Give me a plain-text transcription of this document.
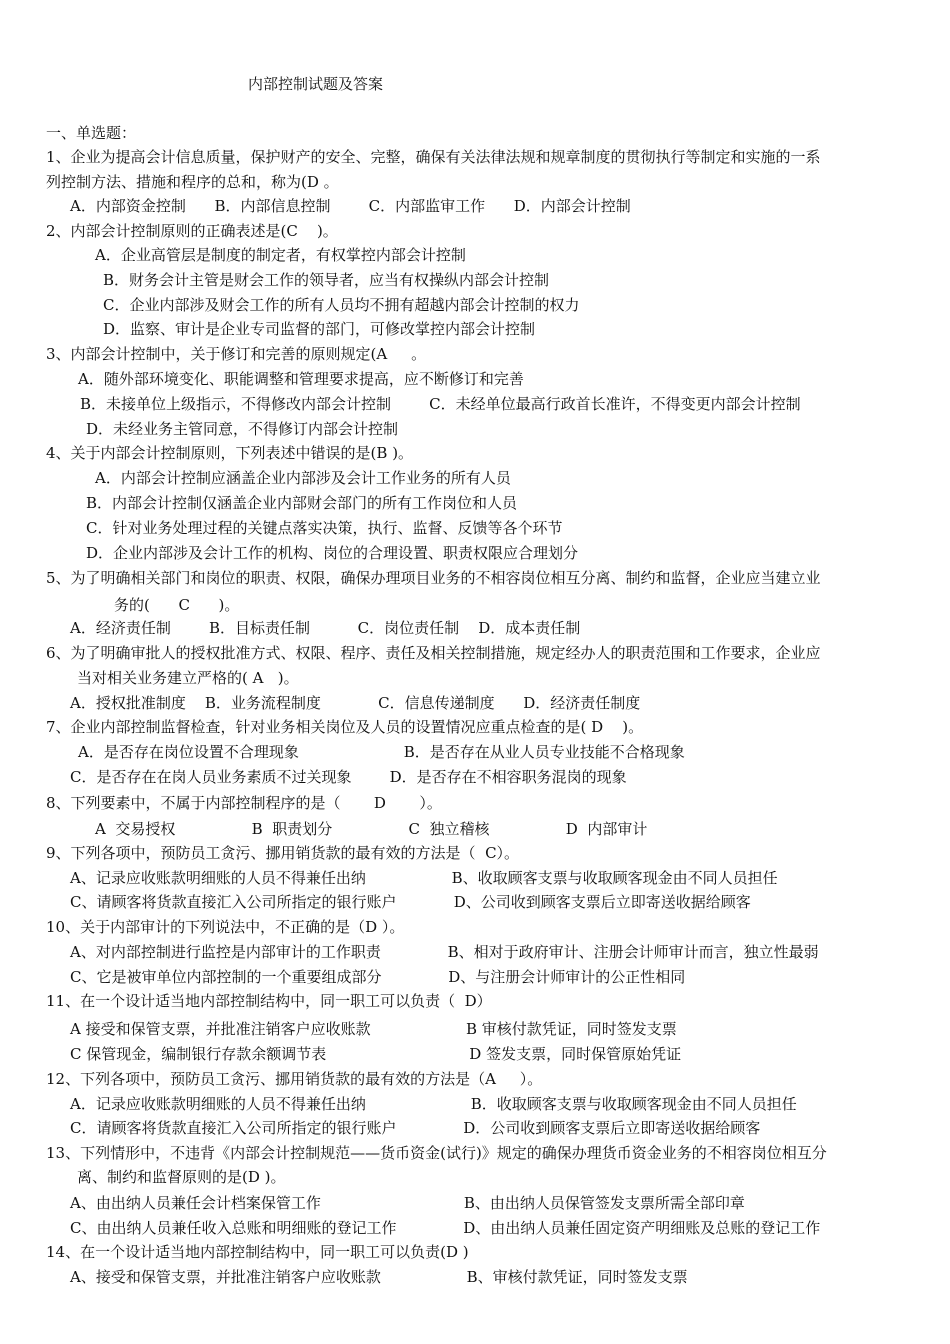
内部控制试题及答案
一、单选题：
1、企业为提高会计信息质量，保护财产的安全、完整，确保有关法律法规和规章制度的贯彻执行等制定和实施的一系
列控制方法、措施和程序的总和，称为(D 。
A．内部资金控制      B．内部信息控制        C．内部监审工作      D．内部会计控制
2、内部会计控制原则的正确表述是(C    )。
A．企业高管层是制度的制定者，有权掌控内部会计控制
B．财务会计主管是财会工作的领导者，应当有权操纵内部会计控制
C．企业内部涉及财会工作的所有人员均不拥有超越内部会计控制的权力
D．监察、审计是企业专司监督的部门，可修改掌控内部会计控制
3、内部会计控制中，关于修订和完善的原则规定(A     。
A．随外部环境变化、职能调整和管理要求提高，应不断修订和完善
B．未接单位上级指示，不得修改内部会计控制        C．未经单位最高行政首长准许，不得变更内部会计控制
D．未经业务主管同意，不得修订内部会计控制
4、关于内部会计控制原则，下列表述中错误的是(B )。
A．内部会计控制应涵盖企业内部涉及会计工作业务的所有人员
B．内部会计控制仅涵盖企业内部财会部门的所有工作岗位和人员
C．针对业务处理过程的关键点落实决策，执行、监督、反馈等各个环节
D．企业内部涉及会计工作的机构、岗位的合理设置、职责权限应合理划分
5、为了明确相关部门和岗位的职责、权限，确保办理项目业务的不相容岗位相互分离、制约和监督，企业应当建立业
务的(      C      )。
A．经济责任制        B．目标责任制          C．岗位责任制    D．成本责任制
6、为了明确审批人的授权批准方式、权限、程序、责任及相关控制措施，规定经办人的职责范围和工作要求，企业应
当对相关业务建立严格的( A   )。
A．授权批准制度    B．业务流程制度            C．信息传递制度      D．经济责任制度
7、企业内部控制监督检查，针对业务相关岗位及人员的设置情况应重点检查的是( D    )。
A．是否存在岗位设置不合理现象                      B．是否存在从业人员专业技能不合格现象
C．是否存在在岗人员业务素质不过关现象        D．是否存在不相容职务混岗的现象
8、下列要素中，不属于内部控制程序的是（       D       ）。
A  交易授权                B  职责划分                C  独立稽核                D  内部审计
9、下列各项中，预防员工贪污、挪用销货款的最有效的方法是（  C）。
A、记录应收账款明细账的人员不得兼任出纳                  B、收取顾客支票与收取顾客现金由不同人员担任
C、请顾客将货款直接汇入公司所指定的银行账户            D、公司收到顾客支票后立即寄送收据给顾客
10、关于内部审计的下列说法中，不正确的是（D ）。
A、对内部控制进行监控是内部审计的工作职责              B、相对于政府审计、注册会计师审计而言，独立性最弱
C、它是被审单位内部控制的一个重要组成部分              D、与注册会计师审计的公正性相同
11、在一个设计适当地内部控制结构中，同一职工可以负责（  D）
A 接受和保管支票，并批准注销客户应收账款                    B 审核付款凭证，同时签发支票
C 保管现金，编制银行存款余额调节表                              D 签发支票，同时保管原始凭证
12、下列各项中，预防员工贪污、挪用销货款的最有效的方法是（A     ）。
A．记录应收账款明细账的人员不得兼任出纳                      B．收取顾客支票与收取顾客现金由不同人员担任
C．请顾客将货款直接汇入公司所指定的银行账户              D．公司收到顾客支票后立即寄送收据给顾客
13、下列情形中，不违背《内部会计控制规范——货币资金(试行)》规定的确保办理货币资金业务的不相容岗位相互分
离、制约和监督原则的是(D )。
A、由出纳人员兼任会计档案保管工作                              B、由出纳人员保管签发支票所需全部印章
C、由出纳人员兼任收入总账和明细账的登记工作              D、由出纳人员兼任固定资产明细账及总账的登记工作
14、在一个设计适当地内部控制结构中，同一职工可以负责(D )
A、接受和保管支票，并批准注销客户应收账款                  B、审核付款凭证，同时签发支票
